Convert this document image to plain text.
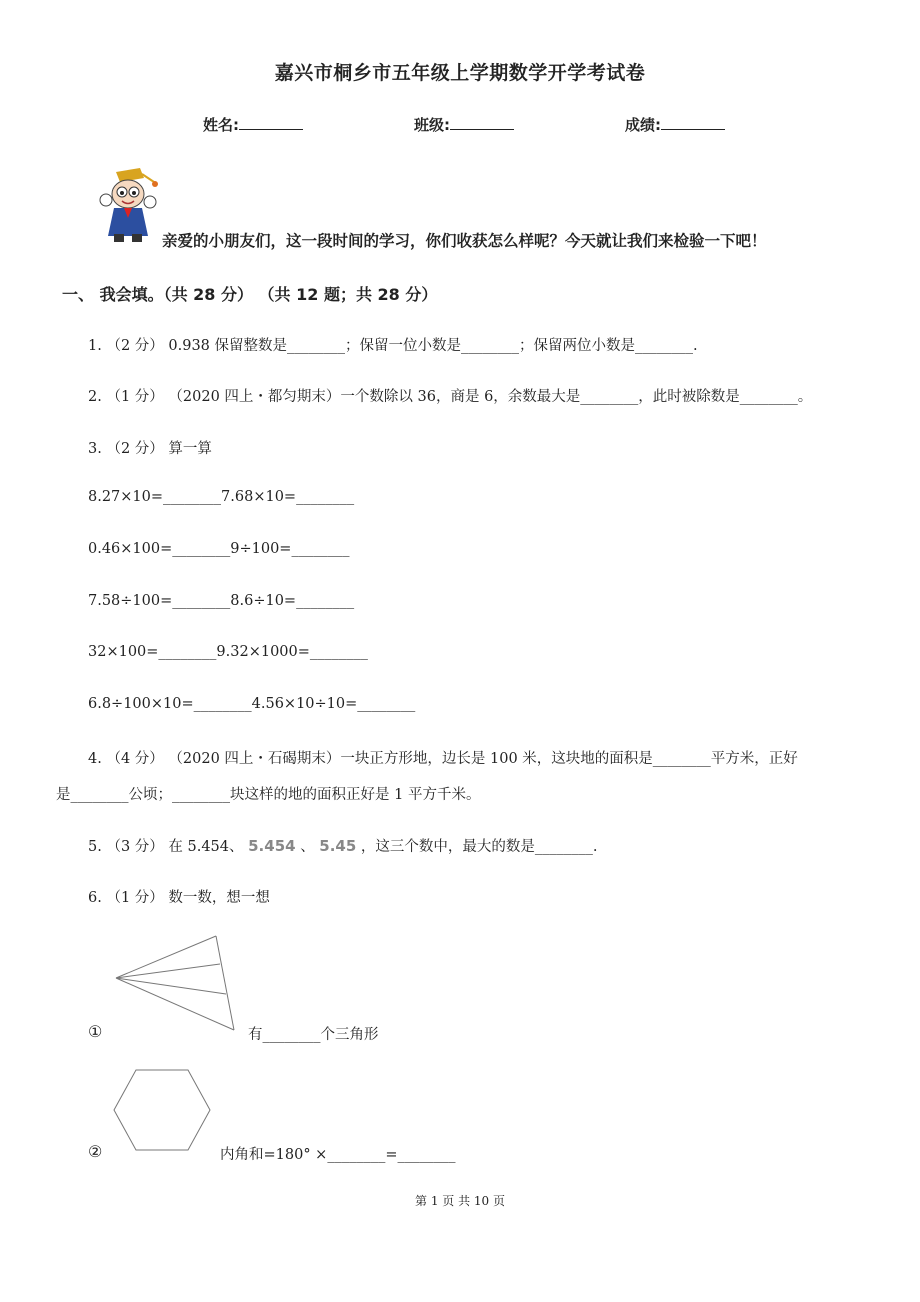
嘉兴市桐乡市五年级上学期数学开学考试卷
姓名:	班级:	成绩:
亲爱的小朋友们，这一段时间的学习，你们收获怎么样呢？今天就让我们来检验一下吧！
一、 我会填。（共 28 分） （共 12 题；共 28 分）
1. （2 分） 0.938 保留整数是________；保留一位小数是________；保留两位小数是________.
2. （1 分） （2020 四上・都匀期末）一个数除以 36，商是 6，余数最大是________，此时被除数是________。
3. （2 分） 算一算
8.27×10=________7.68×10=________
0.46×100=________9÷100=________
7.58÷100=________8.6÷10=________
32×100=________9.32×1000=________
6.8÷100×10=________4.56×10÷10=________
4. （4 分） （2020 四上・石碣期末）一块正方形地，边长是 100 米，这块地的面积是________平方米，正好
是________公顷；________块这样的地的面积正好是 1 平方千米。
5. （3 分） 在 5.454、 5.454 、 5.45 ，这三个数中，最大的数是________.
6. （1 分） 数一数，想一想
①	有________个三角形
②	内角和=180° ×________=________
第 1 页 共 10 页
